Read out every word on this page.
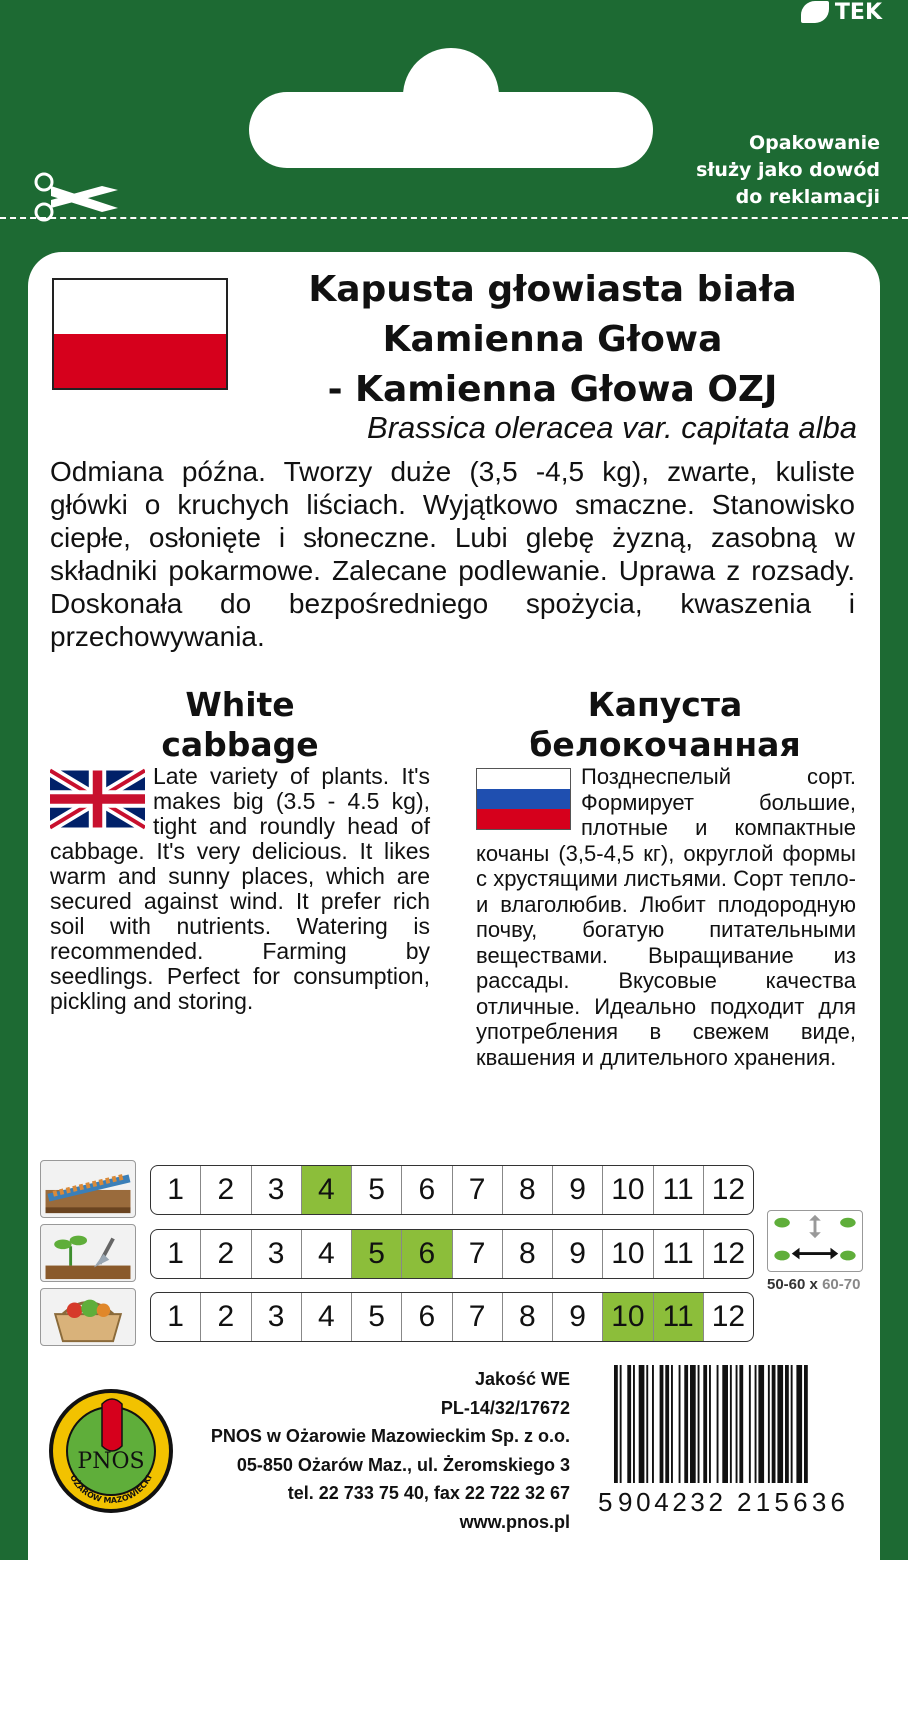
TEK
Opakowanie
służy jako dowód
do reklamacji
Kapusta głowiasta biała
Kamienna Głowa
- Kamienna Głowa OZJ
Brassica oleracea var. capitata alba
Odmiana późna. Tworzy duże (3,5 -4,5 kg), zwarte, kuliste główki o kruchych liściach. Wyjątkowo smaczne. Stanowisko ciepłe, osłonięte i słoneczne. Lubi glebę żyzną, zasobną w składniki pokarmowe. Zalecane podlewanie. Uprawa z rozsady. Doskonała do bezpośredniego spożycia, kwaszenia i przechowywania.
White
cabbage
Капуста
белокочанная
Late variety of plants. It's makes big (3.5 - 4.5 kg), tight and roundly head of cabbage. It's very delicious. It likes warm and sunny places, which are secured against wind. It prefer rich soil with nutrients. Watering is recommended. Farming by seedlings. Perfect for consumption, pickling and storing.
Позднеспелый сорт. Формирует большие, плотные и компактные кочаны (3,5-4,5 кг), округлой формы с хрустящими листьями. Сорт тепло- и влаголюбив. Любит плодородную почву, богатую питательными веществами. Выращивание из рассады. Вкусовые качества отличные. Идеально подходит для употребления в свежем виде, квашения и длительного хранения.
1	2	3	4	5	6	7	8	9 10 11 12
1	2	3	4	5	6	7	8	9 10 11 12
1	2	3	4	5	6	7	8	9 10 11 12
50-60 x 60-70
PNOS
OŻARÓW MAZOWIECKI
Jakość WE
PL-14/32/17672
PNOS w Ożarowie Mazowieckim Sp. z o.o.
05-850 Ożarów Maz., ul. Żeromskiego 3
tel. 22 733 75 40, fax 22 722 32 67
www.pnos.pl
5 904232 215636
